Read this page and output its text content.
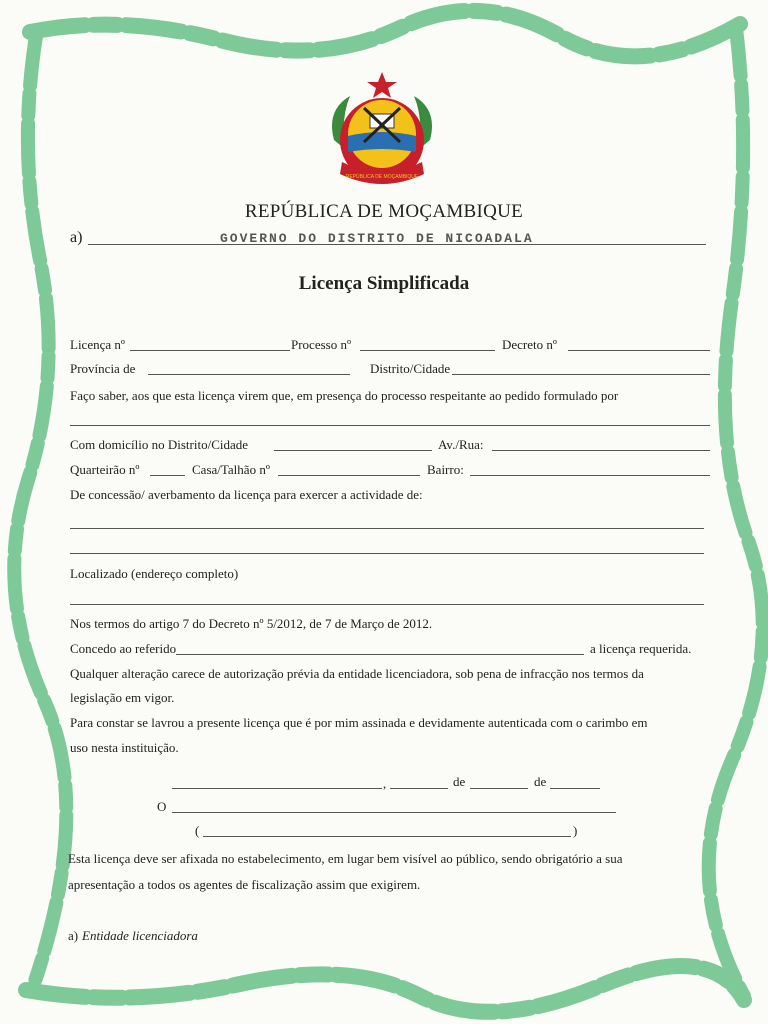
REPÚBLICA DE MOÇAMBIQUE
REPÚBLICA DE MOÇAMBIQUE
a)	GOVERNO DO DISTRITO DE NICOADALA
Licença Simplificada
Licença nº	Processo nº	Decreto nº
Província de	Distrito/Cidade
Faço saber, aos que esta licença virem que, em presença do processo respeitante ao pedido formulado por
Com domicílio no Distrito/Cidade	Av./Rua:
Quarteirão nº	Casa/Talhão nº	Bairro:
De concessão/ averbamento da licença para exercer a actividade de:
Localizado (endereço completo)
Nos termos do artigo 7 do Decreto nº 5/2012, de 7 de Março de 2012.
Concedo ao referido	a licença requerida.
Qualquer alteração carece de autorização prévia da entidade licenciadora, sob pena de infracção nos termos da
legislação em vigor.
Para constar se lavrou a presente licença que é por mim assinada e devidamente autenticada com o carimbo em
uso nesta instituição.
,	de	de
O
(	)
Esta licença deve ser afixada no estabelecimento, em lugar bem visível ao público, sendo obrigatório a sua
apresentação a todos os agentes de fiscalização assim que exigirem.
a) Entidade licenciadora
